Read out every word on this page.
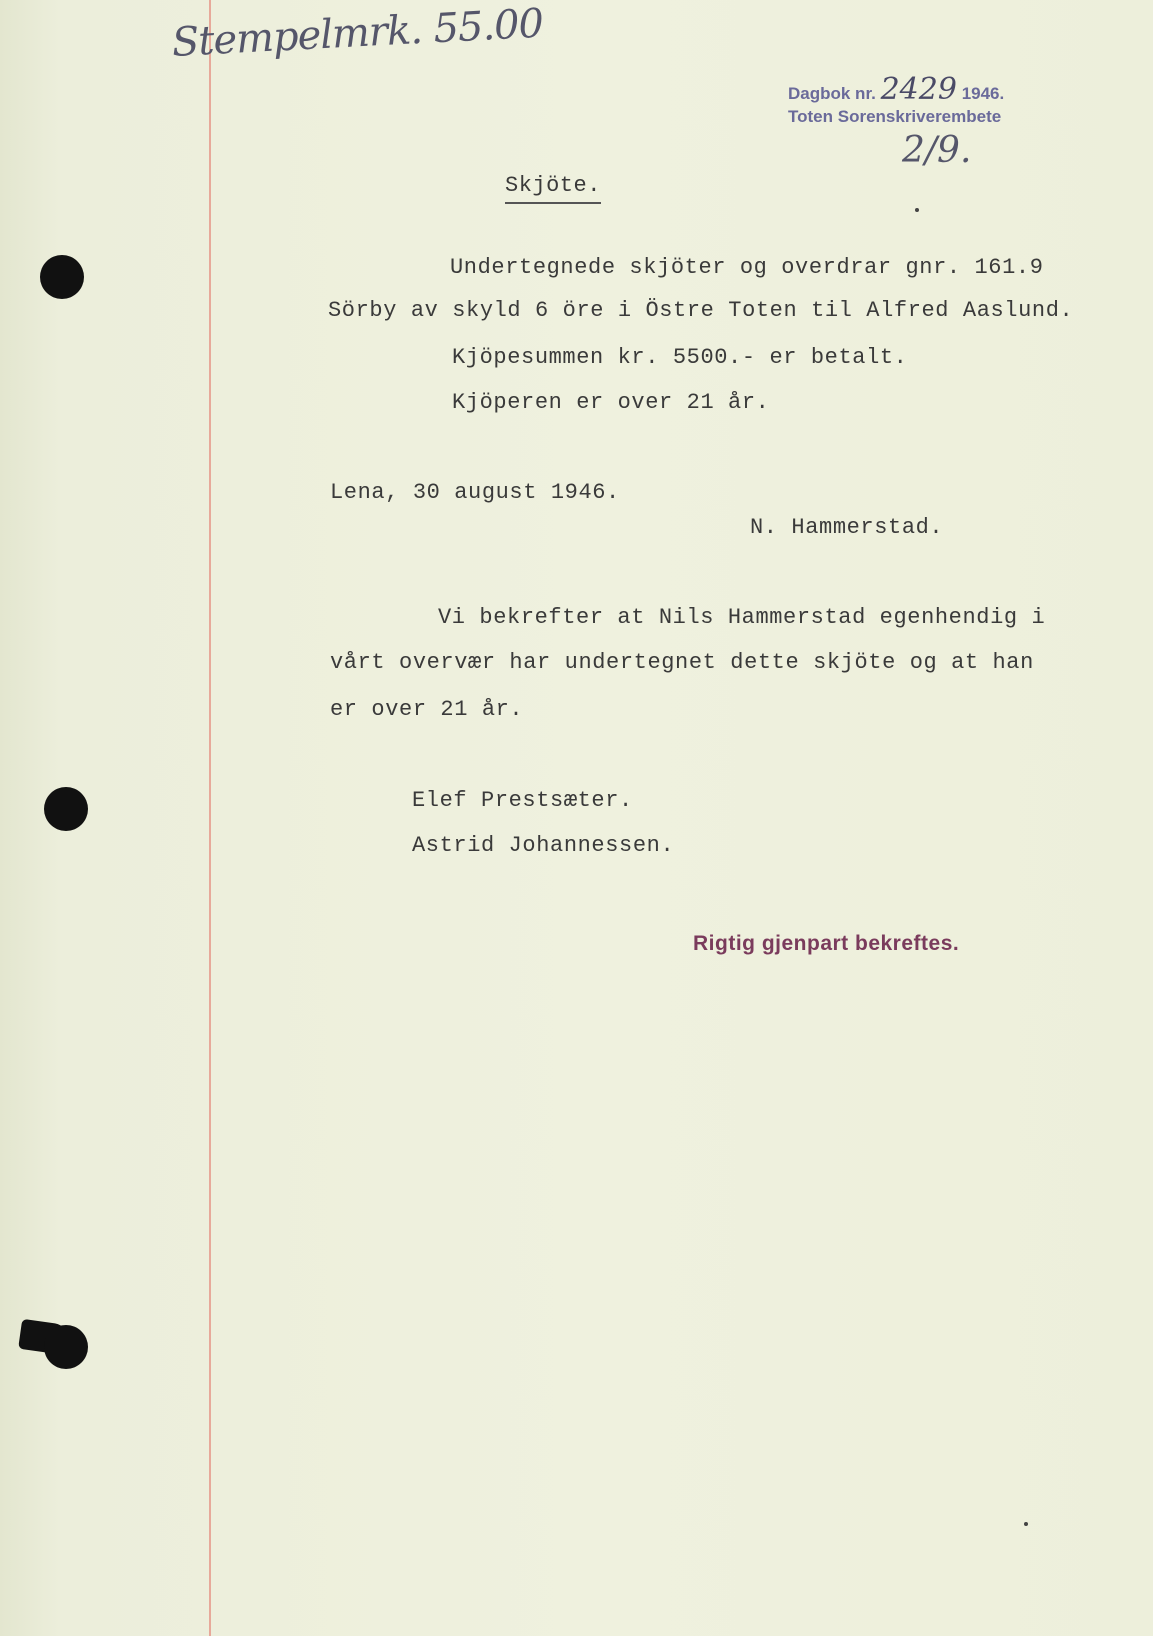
Stempelmrk. 55.00
Dagbok nr. 2429 1946.
Toten Sorenskriverembete
2/9.
Skjöte.
Undertegnede skjöter og overdrar gnr. 161.9
Sörby av skyld 6 öre i Östre Toten til Alfred Aaslund.
Kjöpesummen kr. 5500.- er betalt.
Kjöperen er over 21 år.
Lena, 30 august 1946.
N. Hammerstad.
Vi bekrefter at Nils Hammerstad egenhendig i
vårt overvær har undertegnet dette skjöte og at han
er over 21 år.
Elef Prestsæter.
Astrid Johannessen.
Rigtig gjenpart bekreftes.
